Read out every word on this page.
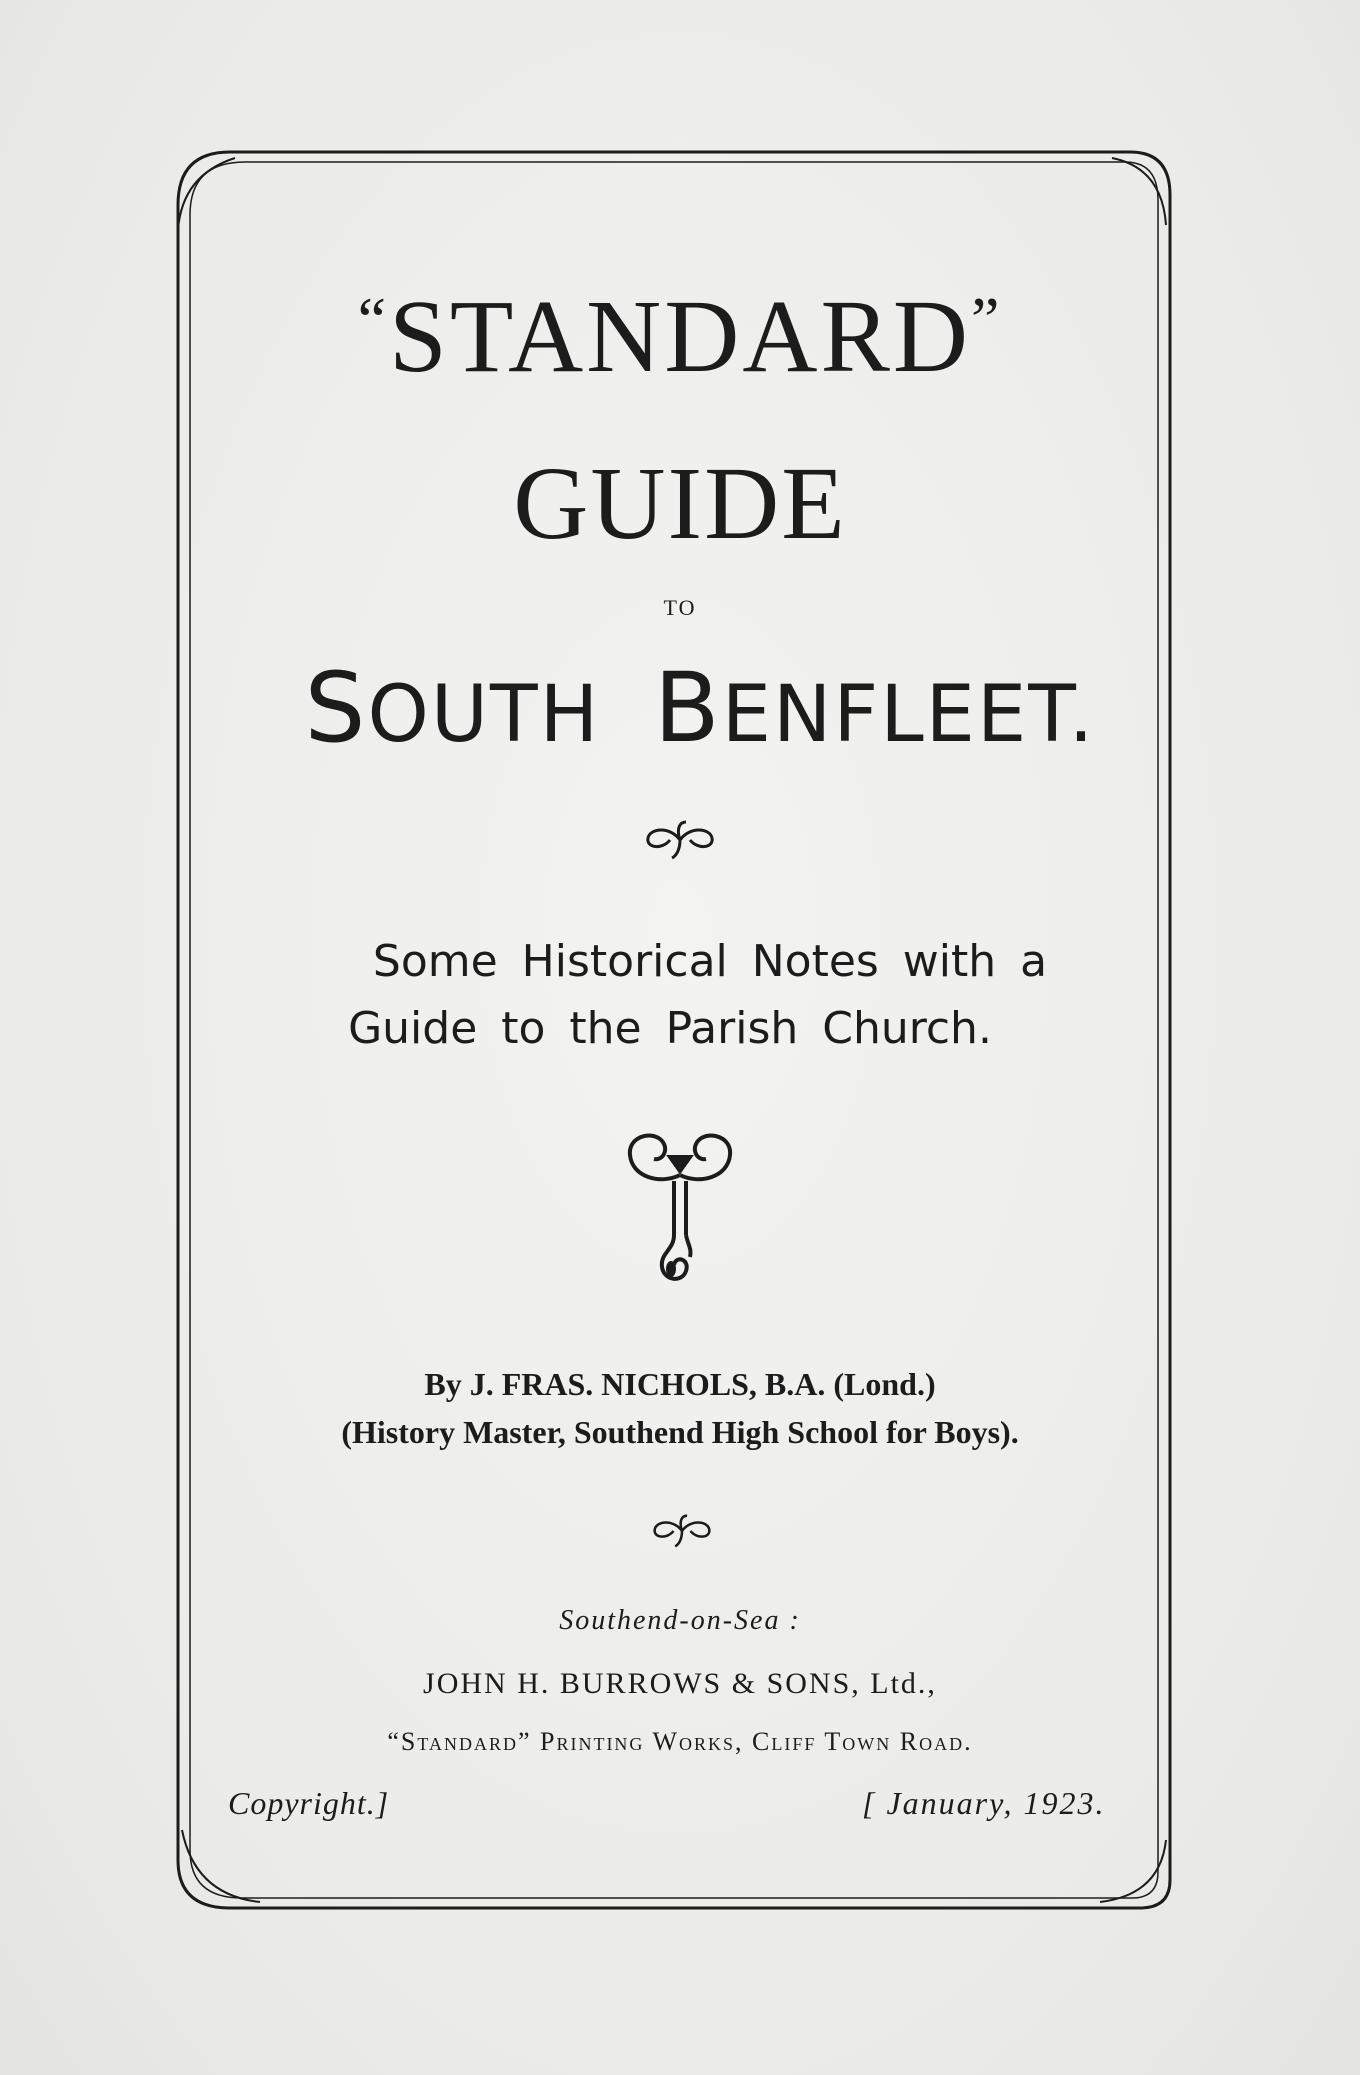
“STANDARD”
GUIDE
TO
SOUTH BENFLEET.
Some Historical Notes with a
Guide to the Parish Church.
By J. FRAS. NICHOLS, B.A. (Lond.)
(History Master, Southend High School for Boys).
Southend-on-Sea :
JOHN H. BURROWS & SONS, Ltd.,
“Standard” Printing Works, Cliff Town Road.
Copyright.]	[ January, 1923.
